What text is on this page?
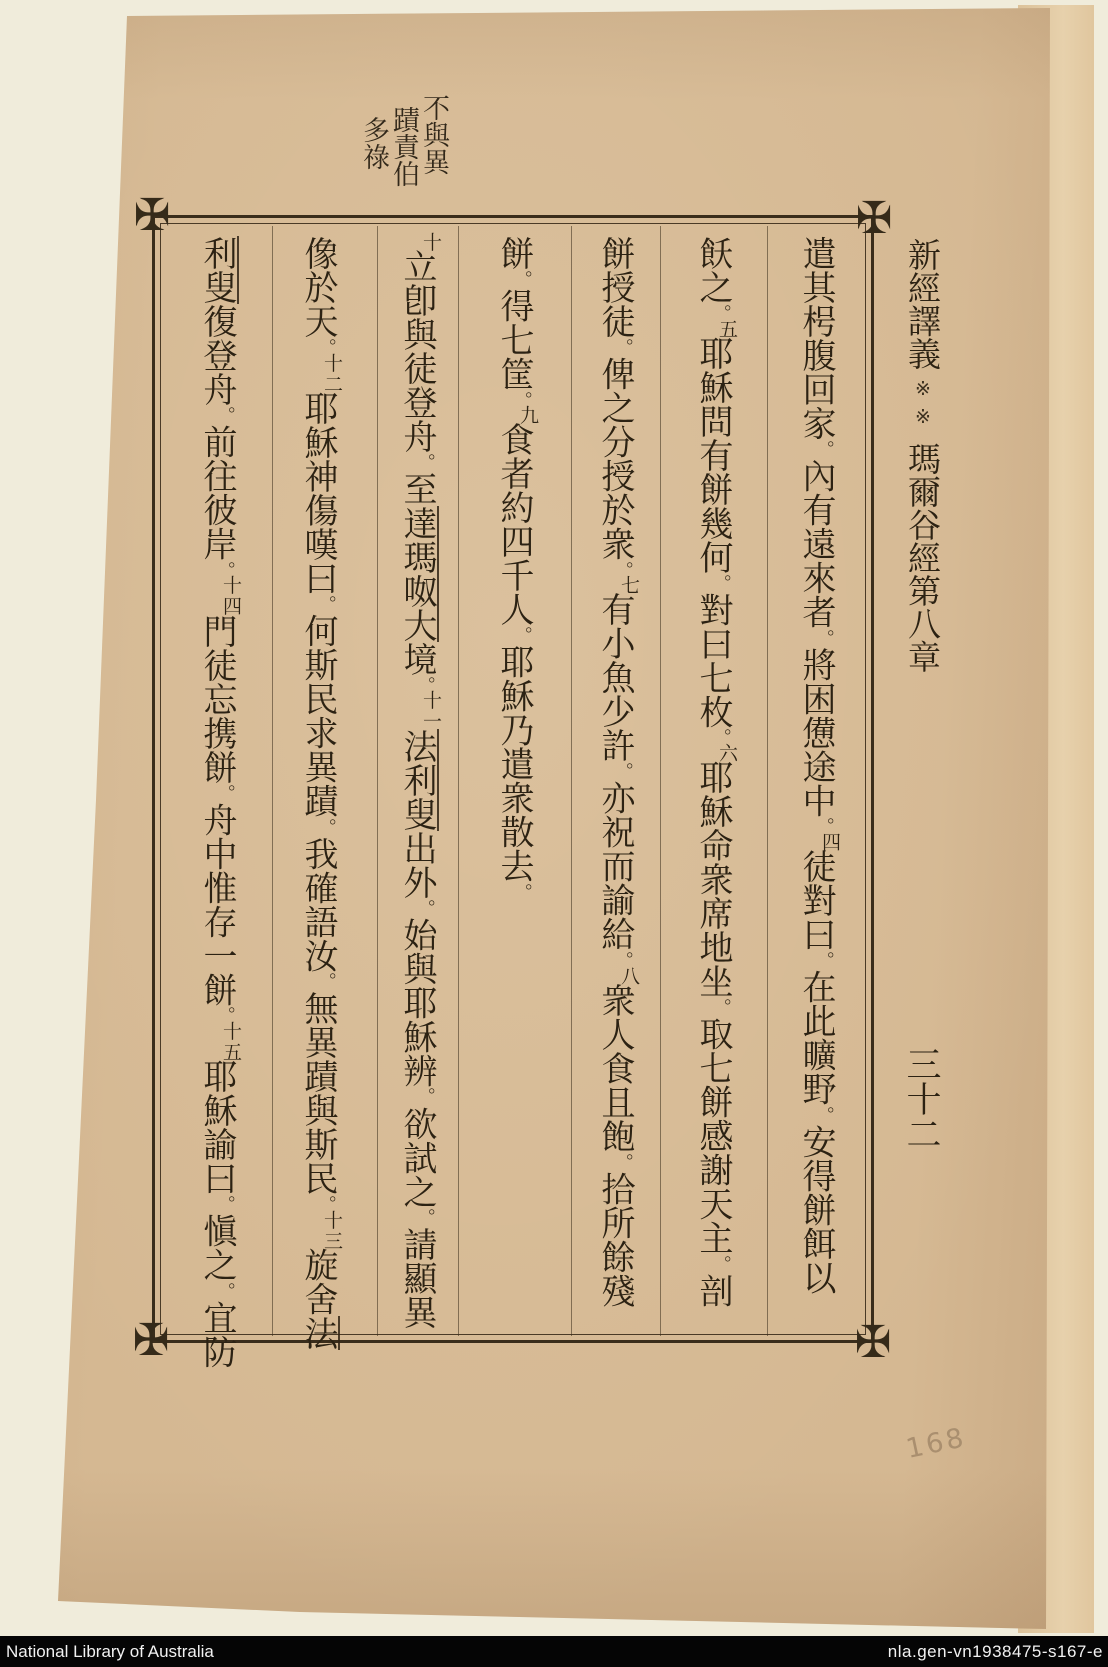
不與異
蹟責伯
多祿
✠	✠
✠	✠
遣其枵腹回家。內有遠來者。將困憊途中。四徒對曰。在此曠野。安得餅餌以
飫之。五耶穌問有餅幾何。對曰七枚。六耶穌命衆席地坐。取七餅感謝天主。剖
餅授徒。俾之分授於衆。七有小魚少許。亦祝而諭給。八衆人食且飽。拾所餘殘
餅。得七筐。九食者約四千人。耶穌乃遣衆散去。
十立卽與徒登舟。至達瑪呶大境。十一法利叟出外。始與耶穌辨。欲試之。請顯異
像於天。十二耶穌神傷嘆曰。何斯民求異蹟。我確語汝。無異蹟與斯民。十三旋舍法
利叟復登舟。前往彼岸。十四門徒忘携餅。舟中惟存一餅。十五耶穌諭曰。愼之。宜防
新經譯義※※瑪爾谷經第八章
三十二
168
National Library of Australia	nla.gen-vn1938475-s167-e
